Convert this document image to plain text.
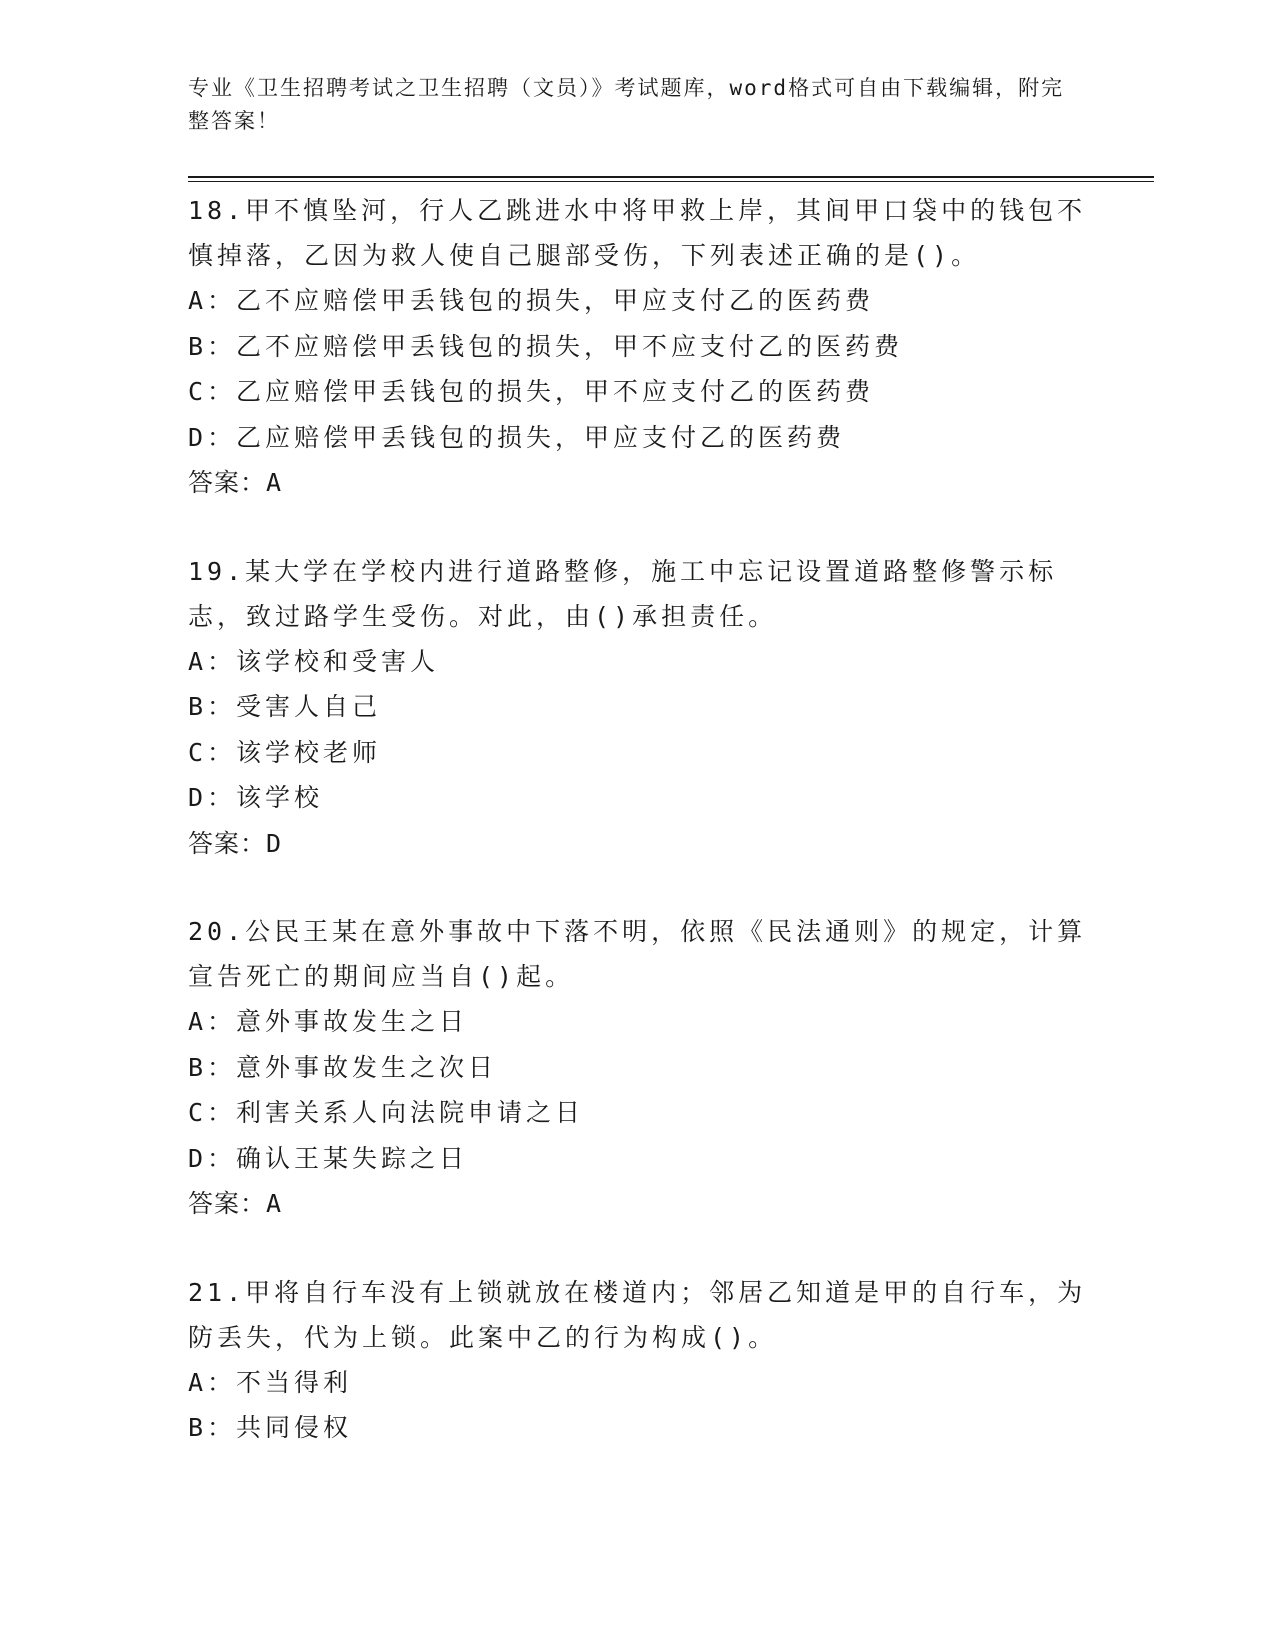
专业《卫生招聘考试之卫生招聘（文员）》考试题库，word格式可自由下载编辑，附完整答案！

18.甲不慎坠河，行人乙跳进水中将甲救上岸，其间甲口袋中的钱包不慎掉落，乙因为救人使自己腿部受伤，下列表述正确的是()。

A：乙不应赔偿甲丢钱包的损失，甲应支付乙的医药费

B：乙不应赔偿甲丢钱包的损失，甲不应支付乙的医药费

C：乙应赔偿甲丢钱包的损失，甲不应支付乙的医药费

D：乙应赔偿甲丢钱包的损失，甲应支付乙的医药费

答案：A

19.某大学在学校内进行道路整修，施工中忘记设置道路整修警示标志，致过路学生受伤。对此，由()承担责任。

A：该学校和受害人

B：受害人自己

C：该学校老师

D：该学校

答案：D

20.公民王某在意外事故中下落不明，依照《民法通则》的规定，计算宣告死亡的期间应当自()起。

A：意外事故发生之日

B：意外事故发生之次日

C：利害关系人向法院申请之日

D：确认王某失踪之日

答案：A

21.甲将自行车没有上锁就放在楼道内；邻居乙知道是甲的自行车，为防丢失，代为上锁。此案中乙的行为构成()。

A：不当得利

B：共同侵权
